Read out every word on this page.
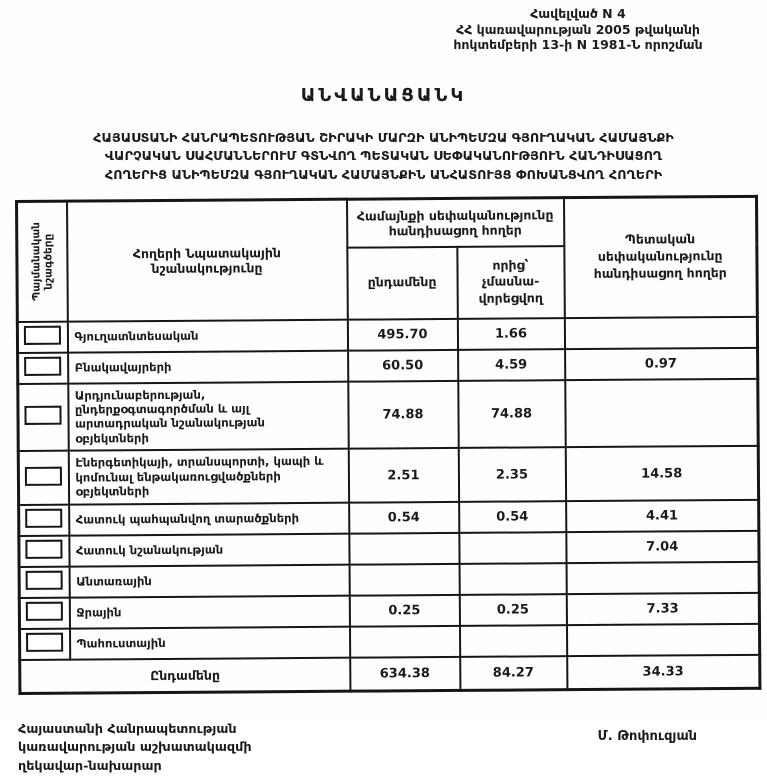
Հավելված N 4
ՀՀ կառավարության 2005 թվականի
հոկտեմբերի 13-ի N 1981-Ն որոշման
ԱՆՎԱՆԱՑԱՆԿ
ՀԱՅԱՍՏԱՆԻ ՀԱՆՐԱՊԵՏՈՒԹՅԱՆ ՇԻՐԱԿԻ ՄԱՐԶԻ ԱՆԻՊԵՄԶԱ ԳՅՈՒՂԱԿԱՆ ՀԱՄԱՅՆՔԻ
ՎԱՐՉԱԿԱՆ ՍԱՀՄԱՆՆԵՐՈՒՄ ԳՏՆՎՈՂ ՊԵՏԱԿԱՆ ՍԵՓԱԿԱՆՈՒԹՅՈՒՆ ՀԱՆԴԻՍԱՑՈՂ
ՀՈՂԵՐԻՑ ԱՆԻՊԵՄԶԱ ԳՅՈՒՂԱԿԱՆ ՀԱՄԱՅՆՔԻՆ ԱՆՀԱՏՈՒՅՑ ՓՈԽԱՆՑՎՈՂ ՀՈՂԵՐԻ
Պայմանական նշագծերը	Հողերի Նպատակային նշանակությունը	Համայնքի սեփականությունը հանդիսացող հողեր		Պետական սեփականությունը հանդիսացող հողեր
		ընդամենը	որից՝ չմասնա- վորեցվող	
	Գյուղատնտեսական	495.70	1.66	
	Բնակավայրերի	60.50	4.59	0.97
	Արդյունաբերության, ընդերքօգտագործման և այլ արտադրական նշանակության օբյեկտների	74.88	74.88	
	Էներգետիկայի, տրանսպորտի, կապի և կոմունալ ենթակառուցվածքների օբյեկտների	2.51	2.35	14.58
	Հատուկ պահպանվող տարածքների	0.54	0.54	4.41
	Հատուկ նշանակության			7.04
	Անտառային			
	Ջրային	0.25	0.25	7.33
	Պահուստային			
Ընդամենը		634.38	84.27	34.33
Հայաստանի Հանրապետության
կառավարության աշխատակազմի
ղեկավար-նախարար
Մ. Թոփուզյան
